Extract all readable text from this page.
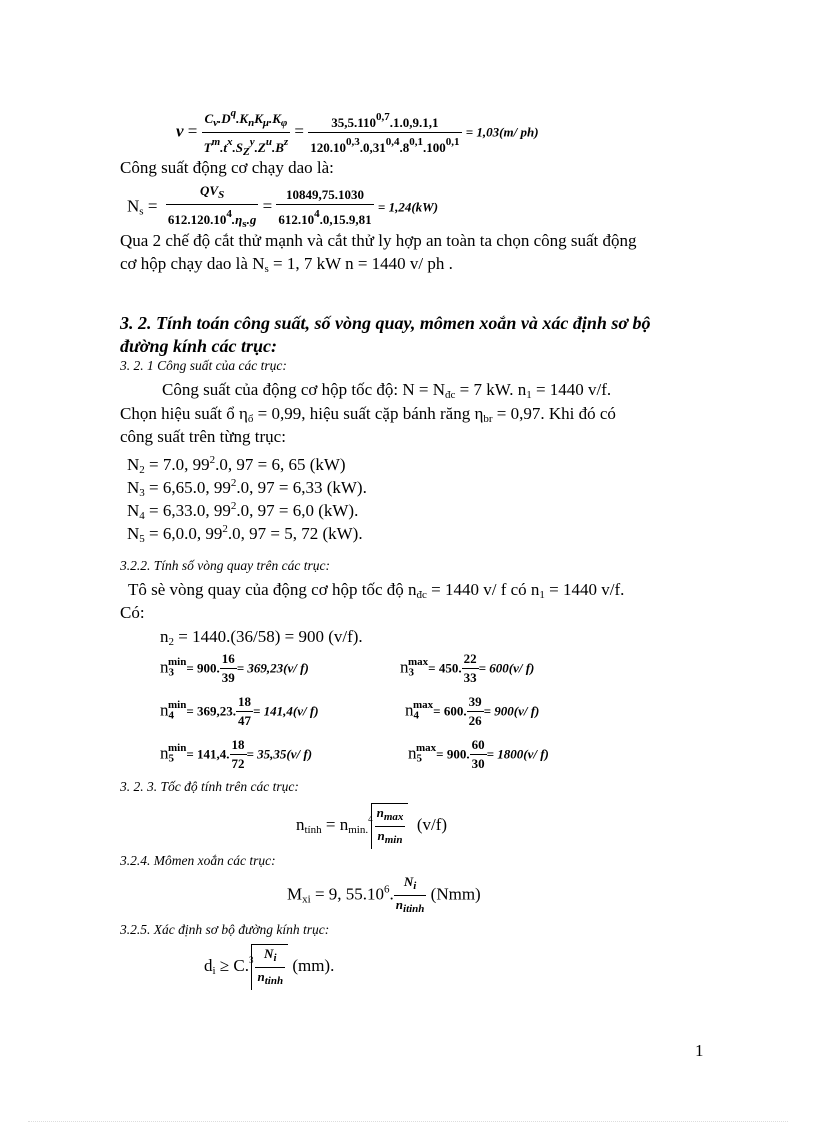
$v = \frac{C_v.D^q.K_nK_\mu.K_\varphi}{T^m.t^x.S_Z^y.Z^u.B^z} = \frac{35,5.110^{0,7}.1.0,9.1,1}{120.10^{0,3}.0,31^{0,4}.8^{0,1}.100^{0,1}} = 1,03(m/$ ph)
Công suất động cơ chạy dao là:
$N_s = \frac{QV_S}{612.120.10^4.\eta_s.g} = \frac{10849,75.1030}{612.10^4.0,15.9,81} = 1,24(kW)$
Qua 2 chế độ cắt thử mạnh và cắt thử ly hợp an toàn ta chọn công suất động
cơ hộp chạy dao là $N_s = 1$, 7 kW n = 1440 v/ ph .
3. 2. Tính toán công suất, số vòng quay, mômen xoắn và xác định sơ bộ
đường kính các trục:
3. 2. 1 Công suất của các trục:
Công suất của động cơ hộp tốc độ: $N = N_{đc} = 7$ kW. $n_1 = 1440$ v/f.
Chọn hiệu suất ổ $\eta_ổ = 0,99$, hiệu suất cặp bánh răng $\eta_{br} = 0,97$. Khi đó có
công suất trên từng trục:
$N_2 = 7.0$, $99^2.0$, 97 = 6, 65 (kW)
$N_3 = 6,65.0$, $99^2.0$, 97 = 6,33 (kW).
$N_4 = 6,33.0$, $99^2.0$, 97 = 6,0 (kW).
$N_5 = 6,0.0$, $99^2.0$, 97 = 5, 72 (kW).
3.2.2. Tính số vòng quay trên các trục:
Tô sè vòng quay của động cơ hộp tốc độ $n_{đc} = 1440$ v/ f có $n_1 = 1440$ v/f.
Có:
$n_2 = 1440.(36/58) = 900$ (v/f).
$n_3^{min}= 900$. $\frac{16}{39} = 369,23(v/$ f)	$n_3^{max}= 450$. $\frac{22}{33} = 600(v/$ f)
$n_4^{min}= 369,23$. $\frac{18}{47} = 141,4(v/$ f)	$n_4^{max}= 600$. $\frac{39}{26} = 900(v/$ f)
$n_5^{min}= 141,4$. $\frac{18}{72} = 35,35(v/$ f)	$n_5^{max}= 900$. $\frac{60}{30} = 1800(v/$ f)
3. 2. 3. Tốc độ tính trên các trục:
$n_{tính} = n_{min.}^4 \frac{n_{max}}{n_{min}} (v/f)$
3.2.4. Mômen xoắn các trục:
$M_{xi} = 9$, 55.10$^6$. $\frac{N_i}{n_{itinh}} (Nmm)$
3.2.5. Xác định sơ bộ đường kính trục:
$d_i \ge C.^3 \frac{N_i}{n_{tinh}} (mm)$.
1
